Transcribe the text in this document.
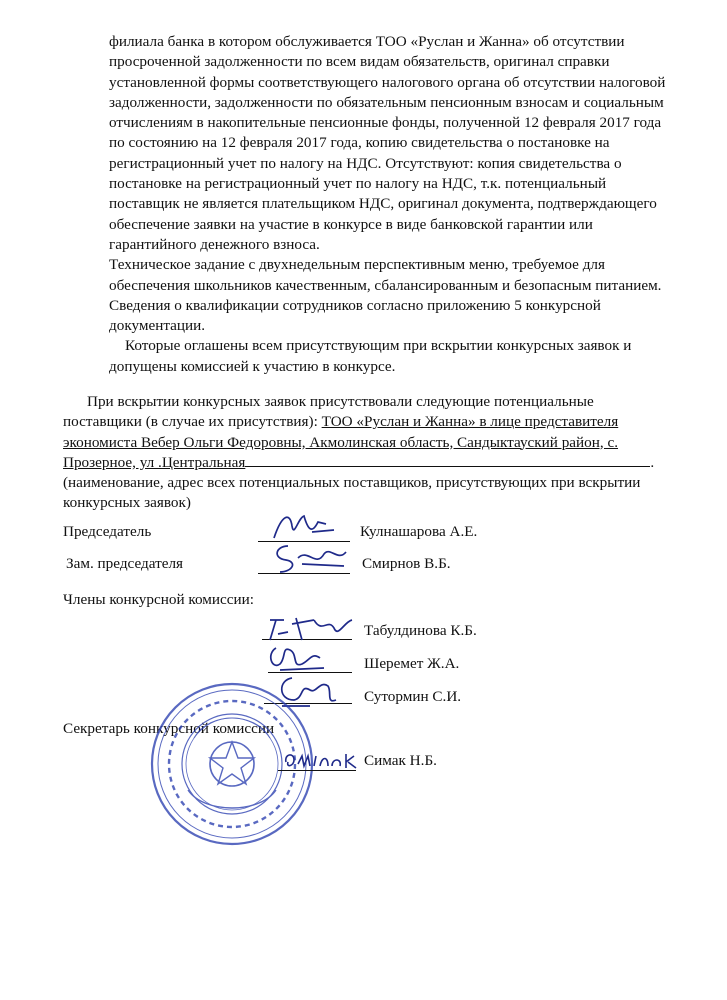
филиала банка в котором обслуживается ТОО «Руслан и Жанна» об отсутствии
просроченной задолженности по всем видам обязательств, оригинал справки
установленной формы соответствующего налогового органа об отсутствии налоговой
задолженности, задолженности по обязательным пенсионным взносам и социальным
отчислениям в накопительные пенсионные фонды, полученной 12 февраля 2017 года
по состоянию на 12 февраля 2017 года, копию свидетельства о постановке на
регистрационный учет по налогу на НДС. Отсутствуют: копия свидетельства о
постановке на регистрационный учет по налогу на НДС, т.к. потенциальный
поставщик не является плательщиком НДС, оригинал документа, подтверждающего
обеспечение заявки на участие в конкурсе в виде банковской гарантии или
гарантийного денежного взноса.
Техническое задание с двухнедельным перспективным меню, требуемое для
обеспечения школьников качественным, сбалансированным и безопасным питанием.
Сведения о квалификации сотрудников согласно приложению 5 конкурсной
документации.
Которые оглашены всем присутствующим при вскрытии конкурсных заявок и
допущены комиссией к участию в конкурсе.
При вскрытии конкурсных заявок присутствовали следующие потенциальные
поставщики (в случае их присутствия): ТОО «Руслан и Жанна» в лице представителя
экономиста Вебер Ольги Федоровны, Акмолинская область, Сандыктауский район, с.
Прозерное, ул .Центральная	.
(наименование, адрес всех потенциальных поставщиков, присутствующих при вскрытии
конкурсных заявок)
Председатель	Кулнашарова А.Е.
Зам. председателя	Смирнов В.Б.
Члены конкурсной комиссии:
Табулдинова К.Б.
Шеремет Ж.А.
Сутормин С.И.
Секретарь конкурсной комиссии
Симак Н.Б.
